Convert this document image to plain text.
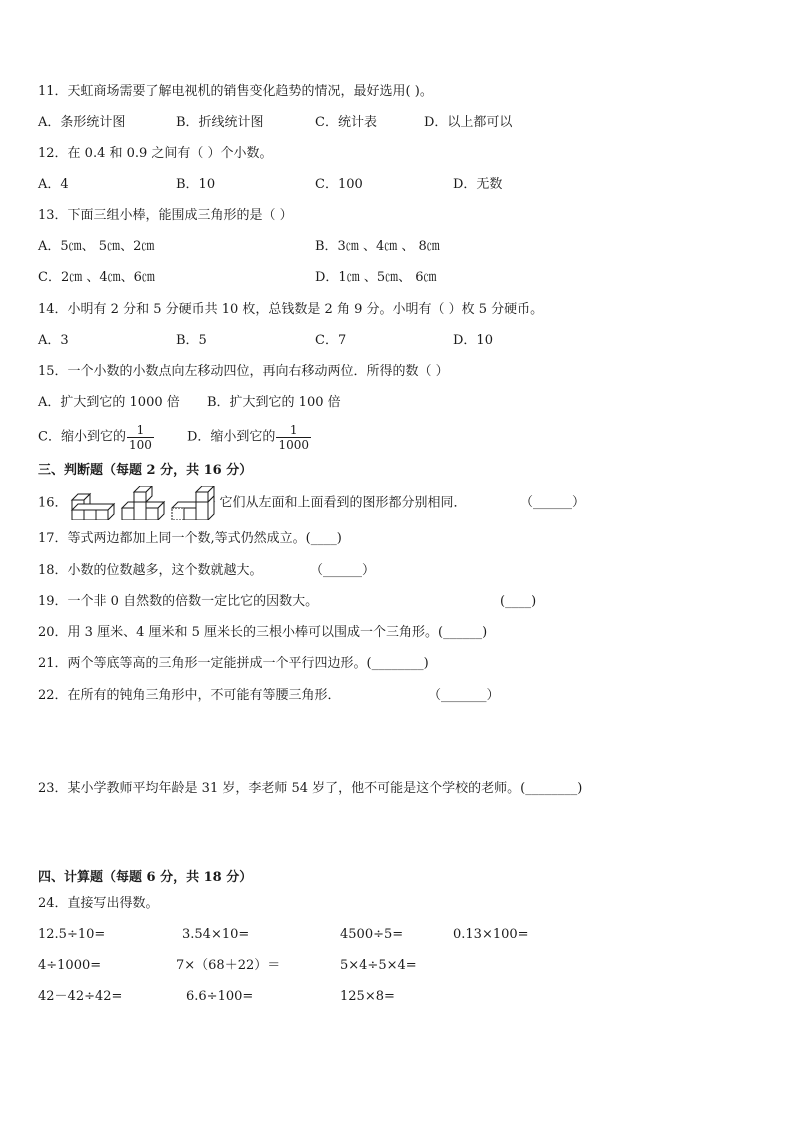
11．天虹商场需要了解电视机的销售变化趋势的情况，最好选用( )。
A．条形统计图	B．折线统计图	C．统计表	D．以上都可以
12．在 0.4 和 0.9 之间有（ ）个小数。
A．4	B．10	C．100	D．无数
13．下面三组小棒，能围成三角形的是（ ）
A．5㎝、 5㎝、2㎝	B．3㎝ 、4㎝ 、 8㎝
C．2㎝ 、4㎝、6㎝	D．1㎝ 、5㎝、 6㎝
14．小明有 2 分和 5 分硬币共 10 枚，总钱数是 2 角 9 分。小明有（ ）枚 5 分硬币。
A．3	B．5	C．7	D．10
15．一个小数的小数点向左移动四位，再向右移动两位．所得的数（ ）
A．扩大到它的 1000 倍 B．扩大到它的 100 倍
C．缩小到它的 $\frac{1}{100}$	D．缩小到它的 $\frac{1}{1000}$
三、判断题（每题 2 分，共 16 分）
16．	它们从左面和上面看到的图形都分别相同．	（______）
17．等式两边都加上同一个数,等式仍然成立。(____)
18．小数的位数越多，这个数就越大。	（______）
19．一个非 0 自然数的倍数一定比它的因数大。	(____)
20．用 3 厘米、4 厘米和 5 厘米长的三根小棒可以围成一个三角形。(______)
21．两个等底等高的三角形一定能拼成一个平行四边形。(________)
22．在所有的钝角三角形中，不可能有等腰三角形．	（_______）
23．某小学教师平均年龄是 31 岁，李老师 54 岁了，他不可能是这个学校的老师。(________)
四、计算题（每题 6 分，共 18 分）
24．直接写出得数。
12.5÷10=	3.54×10=	4500÷5=	0.13×100=
4÷1000=	7×（68＋22）＝	5×4÷5×4=
42－42÷42=	6.6÷100=	125×8=
